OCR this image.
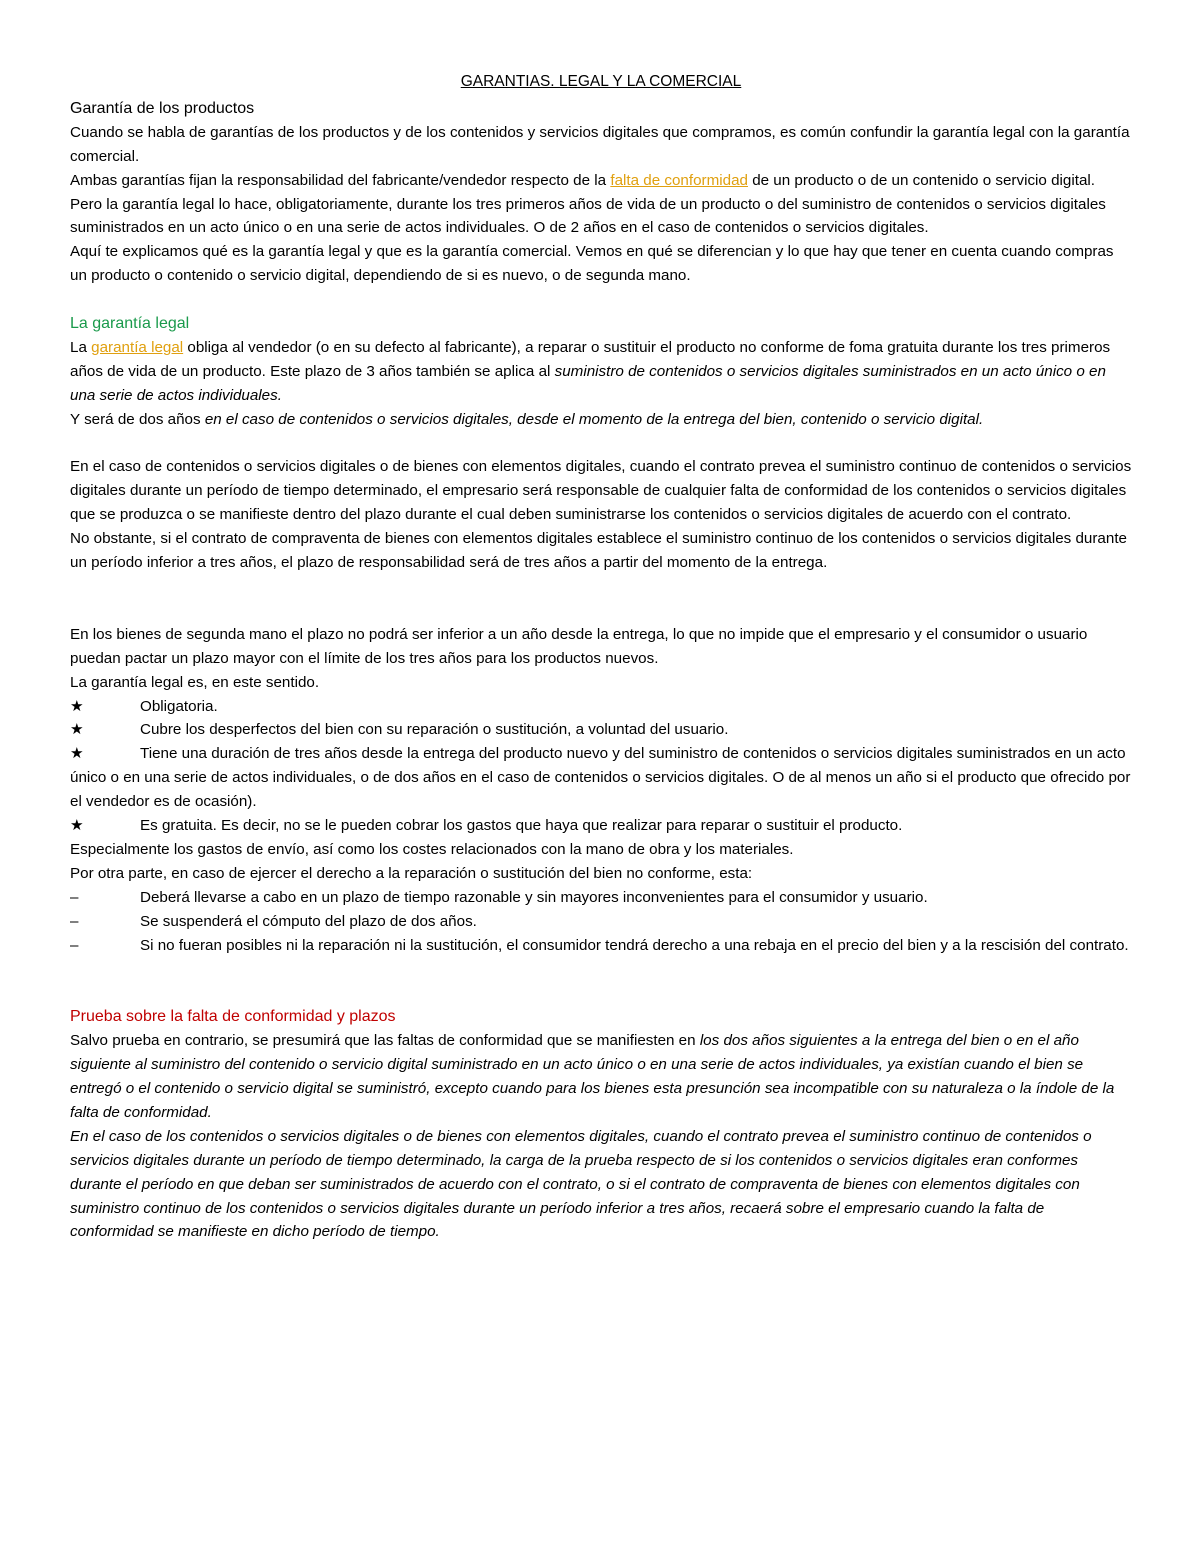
GARANTIAS. LEGAL Y LA COMERCIAL

Garantía de los productos

Cuando se habla de garantías de los productos y de los contenidos y servicios digitales que compramos, es común confundir la garantía legal con la garantía comercial.

Ambas garantías fijan la responsabilidad del fabricante/vendedor respecto de la falta de conformidad de un producto o de un contenido o servicio digital.

Pero la garantía legal lo hace, obligatoriamente, durante los tres primeros años de vida de un producto o del suministro de contenidos o servicios digitales suministrados en un acto único o en una serie de actos individuales. O de 2 años en el caso de contenidos o servicios digitales.

Aquí te explicamos qué es la garantía legal y que es la garantía comercial. Vemos en qué se diferencian y lo que hay que tener en cuenta cuando compras un producto o contenido o servicio digital, dependiendo de si es nuevo, o de segunda mano.

La garantía legal

La garantía legal obliga al vendedor (o en su defecto al fabricante), a reparar o sustituir el producto no conforme de foma gratuita durante los tres primeros años de vida de un producto. Este plazo de 3 años también se aplica al suministro de contenidos o servicios digitales suministrados en un acto único o en una serie de actos individuales.

Y será de dos años en el caso de contenidos o servicios digitales, desde el momento de la entrega del bien, contenido o servicio digital.

En el caso de contenidos o servicios digitales o de bienes con elementos digitales, cuando el contrato prevea el suministro continuo de contenidos o servicios digitales durante un período de tiempo determinado, el empresario será responsable de cualquier falta de conformidad de los contenidos o servicios digitales que se produzca o se manifieste dentro del plazo durante el cual deben suministrarse los contenidos o servicios digitales de acuerdo con el contrato.

No obstante, si el contrato de compraventa de bienes con elementos digitales establece el suministro continuo de los contenidos o servicios digitales durante un período inferior a tres años, el plazo de responsabilidad será de tres años a partir del momento de la entrega.

En los bienes de segunda mano el plazo no podrá ser inferior a un año desde la entrega, lo que no impide que el empresario y el consumidor o usuario puedan pactar un plazo mayor con el límite de los tres años para los productos nuevos.

La garantía legal es, en este sentido.

★	Obligatoria.

★	Cubre los desperfectos del bien con su reparación o sustitución, a voluntad del usuario.

★	Tiene una duración de tres años desde la entrega del producto nuevo y del suministro de contenidos o servicios digitales suministrados en un acto único o en una serie de actos individuales, o de dos años en el caso de contenidos o servicios digitales. O de al menos un año si el producto que ofrecido por el vendedor es de ocasión).

★	Es gratuita. Es decir, no se le pueden cobrar los gastos que haya que realizar para reparar o sustituir el producto.

Especialmente los gastos de envío, así como los costes relacionados con la mano de obra y los materiales.

Por otra parte, en caso de ejercer el derecho a la reparación o sustitución del bien no conforme, esta:

–	Deberá llevarse a cabo en un plazo de tiempo razonable y sin mayores inconvenientes para el consumidor y usuario.

–	Se suspenderá el cómputo del plazo de dos años.

–	Si no fueran posibles ni la reparación ni la sustitución, el consumidor tendrá derecho a una rebaja en el precio del bien y a la rescisión del contrato.

Prueba sobre la falta de conformidad y plazos

Salvo prueba en contrario, se presumirá que las faltas de conformidad que se manifiesten en los dos años siguientes a la entrega del bien o en el año siguiente al suministro del contenido o servicio digital suministrado en un acto único o en una serie de actos individuales, ya existían cuando el bien se entregó o el contenido o servicio digital se suministró, excepto cuando para los bienes esta presunción sea incompatible con su naturaleza o la índole de la falta de conformidad.

En el caso de los contenidos o servicios digitales o de bienes con elementos digitales, cuando el contrato prevea el suministro continuo de contenidos o servicios digitales durante un período de tiempo determinado, la carga de la prueba respecto de si los contenidos o servicios digitales eran conformes durante el período en que deban ser suministrados de acuerdo con el contrato, o si el contrato de compraventa de bienes con elementos digitales con suministro continuo de los contenidos o servicios digitales durante un período inferior a tres años, recaerá sobre el empresario cuando la falta de conformidad se manifieste en dicho período de tiempo.
